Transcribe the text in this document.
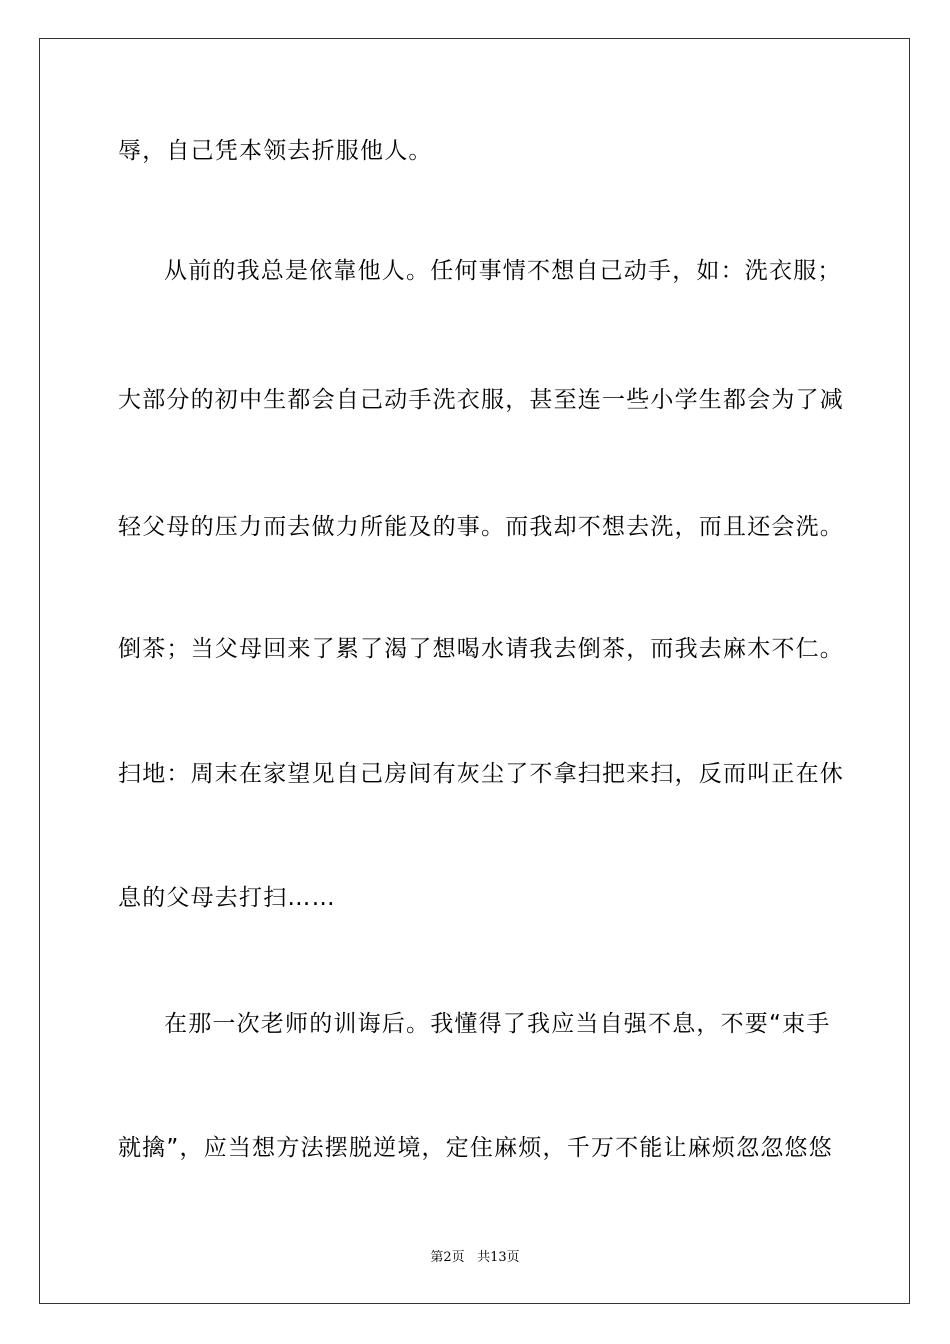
辱，自己凭本领去折服他人。
从前的我总是依靠他人。任何事情不想自己动手，如：洗衣服；
大部分的初中生都会自己动手洗衣服，甚至连一些小学生都会为了减
轻父母的压力而去做力所能及的事。而我却不想去洗，而且还会洗。
倒茶；当父母回来了累了渴了想喝水请我去倒茶，而我去麻木不仁。
扫地：周末在家望见自己房间有灰尘了不拿扫把来扫，反而叫正在休
息的父母去打扫……
在那一次老师的训诲后。我懂得了我应当自强不息，不要“束手
就擒”，应当想方法摆脱逆境，定住麻烦，千万不能让麻烦忽忽悠悠
第2页 共13页
